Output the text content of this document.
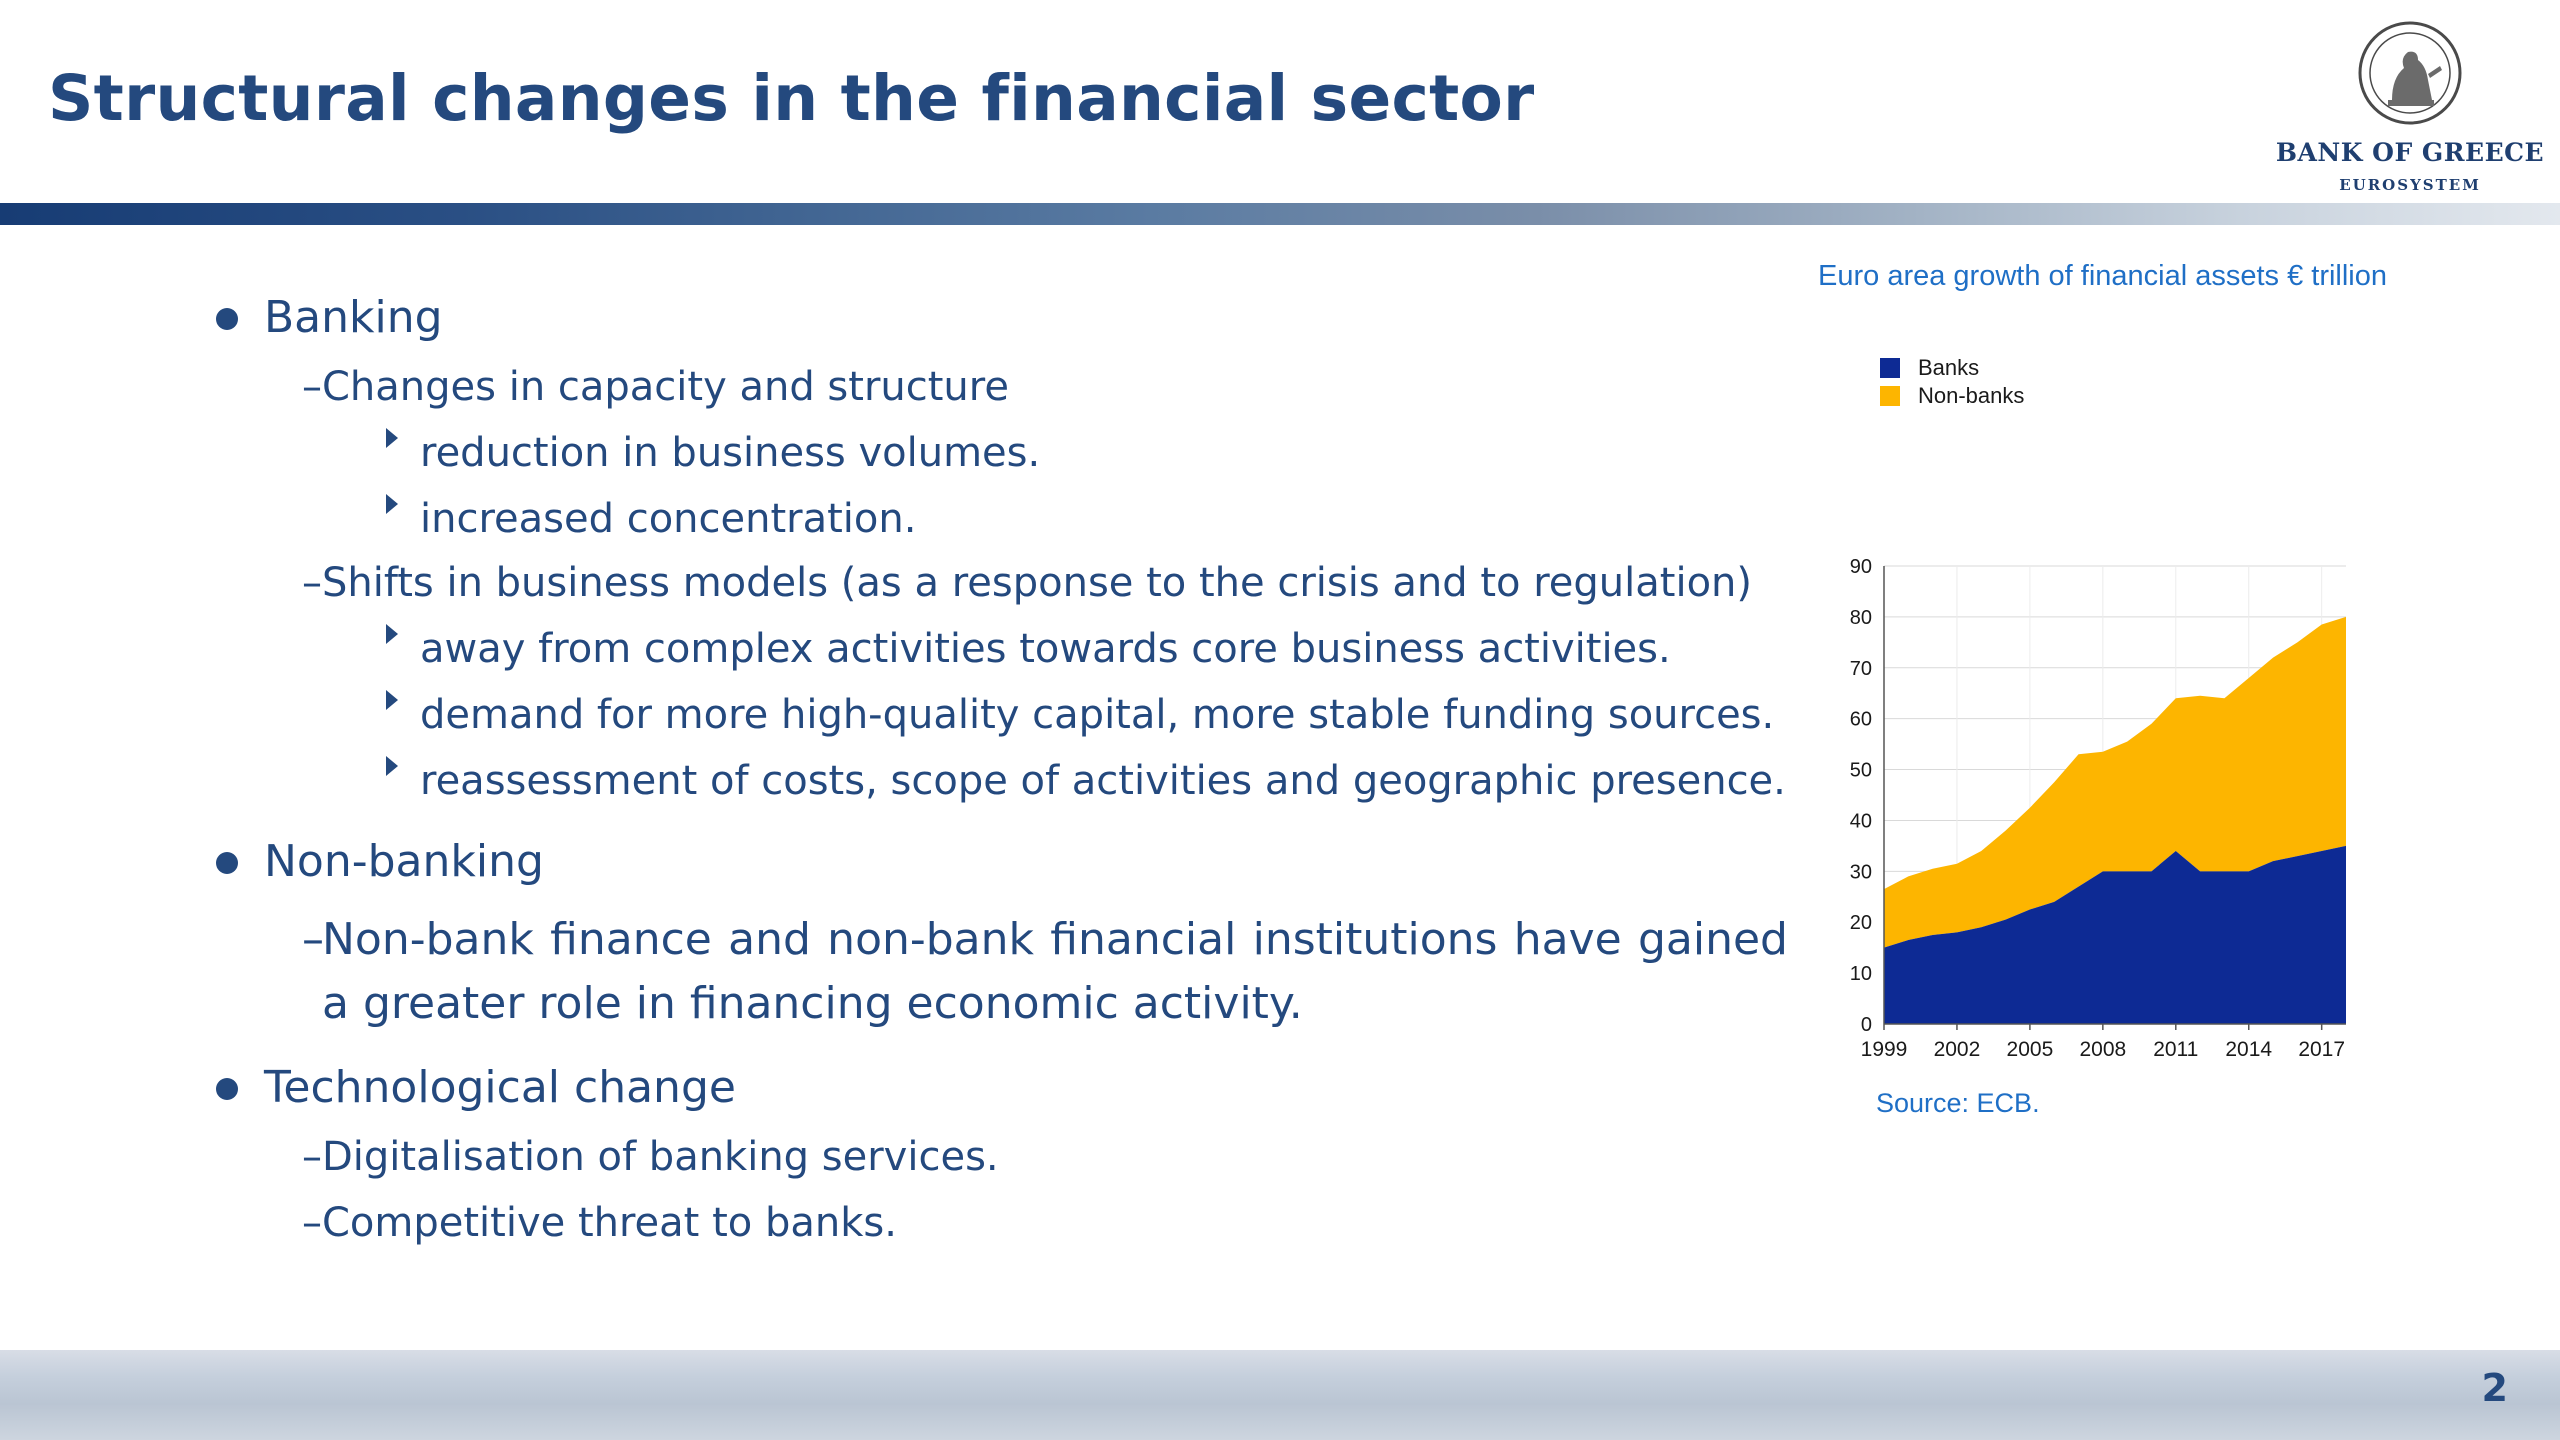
Structural changes in the financial sector
BANK OF GREECE
EUROSYSTEM
Banking
–Changes in capacity and structure
reduction in business volumes.
increased concentration.
–Shifts in business models (as a response to the crisis and to regulation)
away from complex activities towards core business activities.
demand for more high-quality capital, more stable funding sources.
reassessment of costs, scope of activities and geographic presence.
Non-banking
–
Non-bank finance and non-bank financial institutions have gained a greater role in financing economic activity.
Technological change
–Digitalisation of banking services.
–Competitive threat to banks.
Euro area growth of financial assets € trillion
Banks
Non-banks
0
10
20
30
40
50
60
70
80
90
1999 2002 2005 2008 2011 2014 2017
Source: ECB.
2
